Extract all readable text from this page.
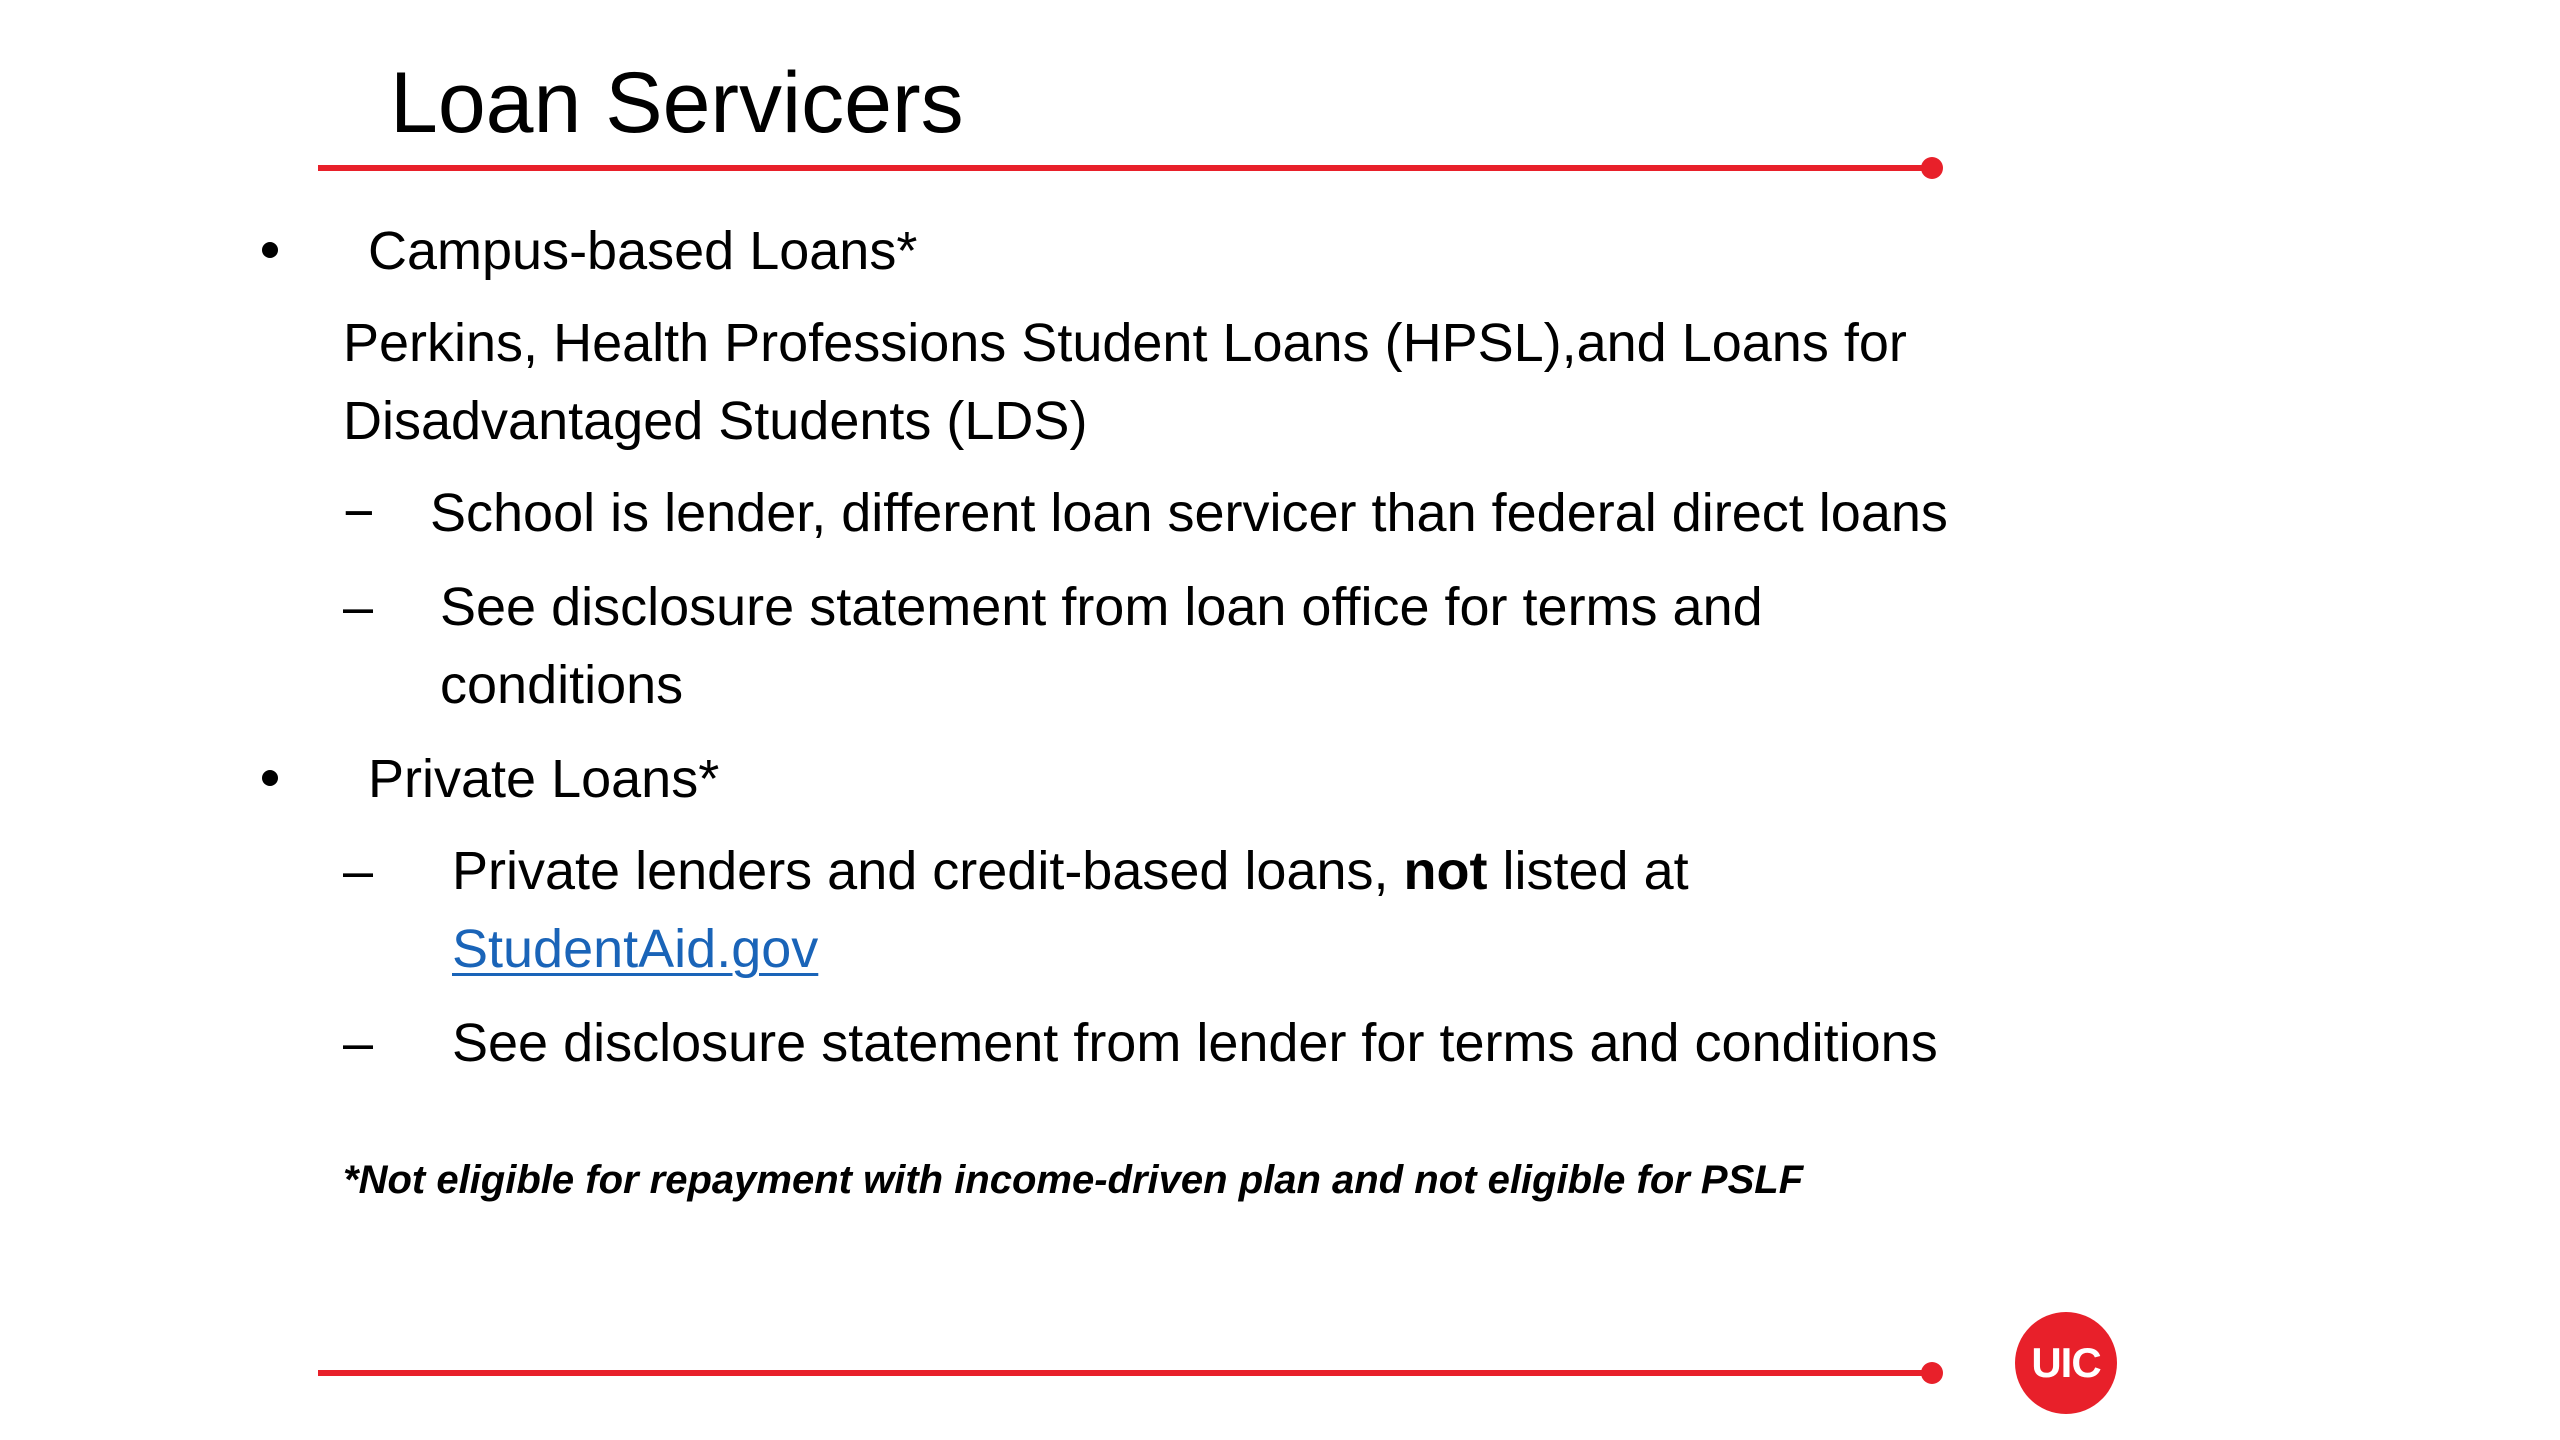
Loan Servicers
Campus-based Loans*
Perkins, Health Professions Student Loans (HPSL),and Loans for
Disadvantaged Students (LDS)
− School is lender, different loan servicer than federal direct loans
– See disclosure statement from loan office for terms and
conditions
Private Loans*
– Private lenders and credit-based loans, not listed at
StudentAid.gov
– See disclosure statement from lender for terms and conditions
*Not eligible for repayment with income-driven plan and not eligible for PSLF
UIC
